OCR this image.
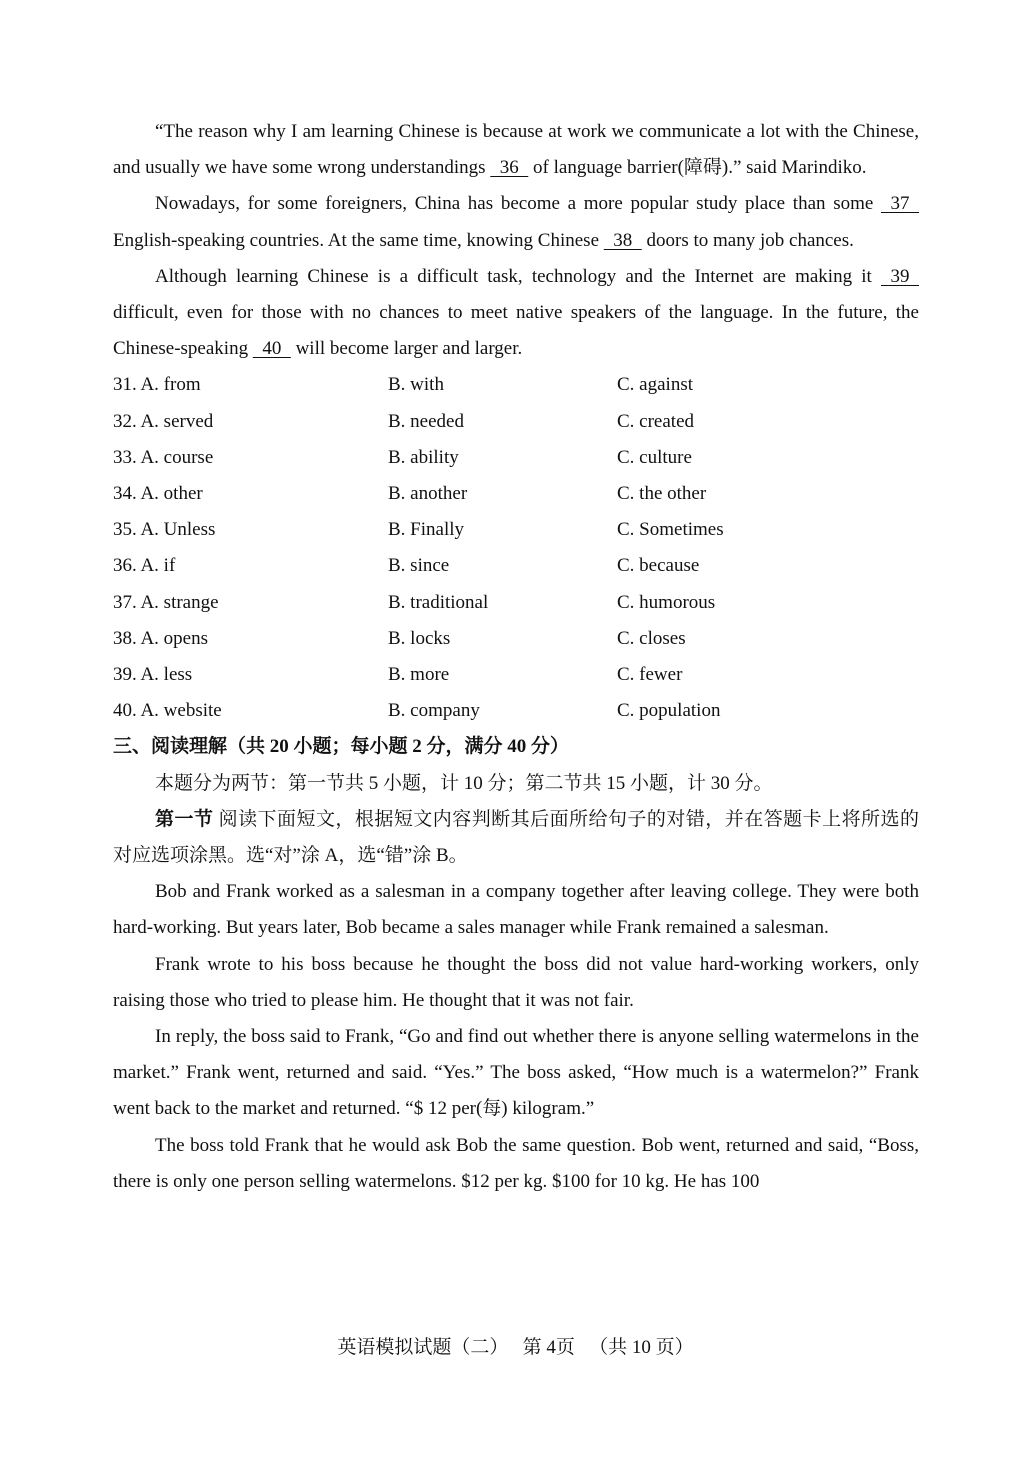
“The reason why I am learning Chinese is because at work we communicate a lot with the Chinese, and usually we have some wrong understandings   36   of language barrier(障碍).” said Marindiko.

Nowadays, for some foreigners, China has become a more popular study place than some   37   English-speaking countries. At the same time, knowing Chinese   38   doors to many job chances.

Although learning Chinese is a difficult task, technology and the Internet are making it   39   difficult, even for those with no chances to meet native speakers of the language. In the future, the Chinese-speaking   40   will become larger and larger.

31. A. from	B. with	C. against
32. A. served	B. needed	C. created
33. A. course	B. ability	C. culture
34. A. other	B. another	C. the other
35. A. Unless	B. Finally	C. Sometimes
36. A. if	B. since	C. because
37. A. strange	B. traditional	C. humorous
38. A. opens	B. locks	C. closes
39. A. less	B. more	C. fewer
40. A. website	B. company	C. population
三、阅读理解（共 20 小题；每小题 2 分，满分 40 分）

本题分为两节：第一节共 5 小题，计 10 分；第二节共 15 小题，计 30 分。

第一节 阅读下面短文，根据短文内容判断其后面所给句子的对错，并在答题卡上将所选的对应选项涂黑。选“对”涂 A，选“错”涂 B。

Bob and Frank worked as a salesman in a company together after leaving college. They were both hard-working. But years later, Bob became a sales manager while Frank remained a salesman.

Frank wrote to his boss because he thought the boss did not value hard-working workers, only raising those who tried to please him. He thought that it was not fair.

In reply, the boss said to Frank, “Go and find out whether there is anyone selling watermelons in the market.” Frank went, returned and said. “Yes.” The boss asked, “How much is a watermelon?” Frank went back to the market and returned. “$ 12 per(每) kilogram.”

The boss told Frank that he would ask Bob the same question. Bob went, returned and said, “Boss, there is only one person selling watermelons. $12 per kg. $100 for 10 kg. He has 100

英语模拟试题（二）   第 4页   （共 10 页）
